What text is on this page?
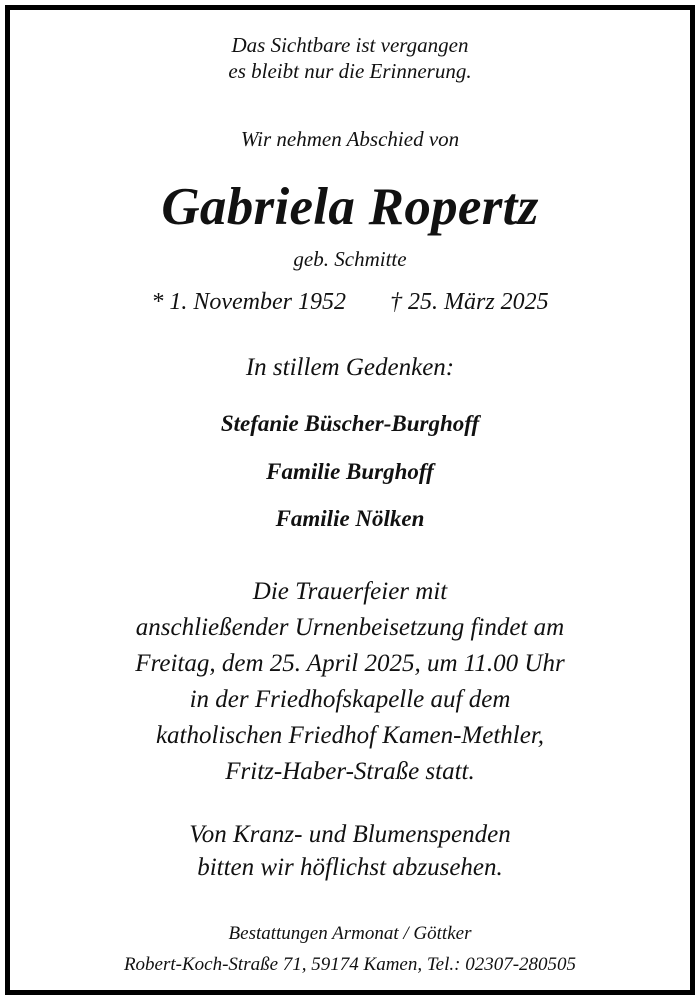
Das Sichtbare ist vergangen
es bleibt nur die Erinnerung.
Wir nehmen Abschied von
Gabriela Ropertz
geb. Schmitte
* 1. November 1952 † 25. März 2025
In stillem Gedenken:
Stefanie Büscher-Burghoff
Familie Burghoff
Familie Nölken
Die Trauerfeier mit
anschließender Urnenbeisetzung findet am
Freitag, dem 25. April 2025, um 11.00 Uhr
in der Friedhofskapelle auf dem
katholischen Friedhof Kamen-Methler,
Fritz-Haber-Straße statt.
Von Kranz- und Blumenspenden
bitten wir höflichst abzusehen.
Bestattungen Armonat / Göttker
Robert-Koch-Straße 71, 59174 Kamen, Tel.: 02307-280505
